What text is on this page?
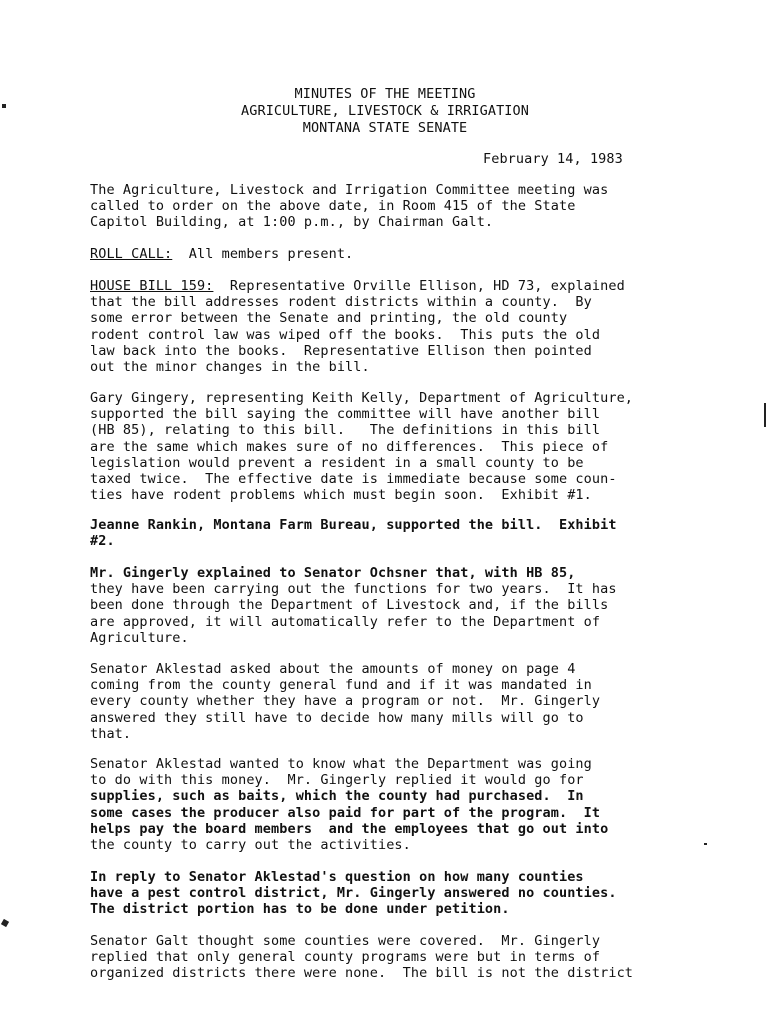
MINUTES OF THE MEETING
AGRICULTURE, LIVESTOCK & IRRIGATION
MONTANA STATE SENATE
February 14, 1983
The Agriculture, Livestock and Irrigation Committee meeting was
called to order on the above date, in Room 415 of the State
Capitol Building, at 1:00 p.m., by Chairman Galt.
ROLL CALL:  All members present.
HOUSE BILL 159:  Representative Orville Ellison, HD 73, explained
that the bill addresses rodent districts within a county.  By
some error between the Senate and printing, the old county
rodent control law was wiped off the books.  This puts the old
law back into the books.  Representative Ellison then pointed
out the minor changes in the bill.
Gary Gingery, representing Keith Kelly, Department of Agriculture,
supported the bill saying the committee will have another bill
(HB 85), relating to this bill.   The definitions in this bill
are the same which makes sure of no differences.  This piece of
legislation would prevent a resident in a small county to be
taxed twice.  The effective date is immediate because some coun-
ties have rodent problems which must begin soon.  Exhibit #1.
Jeanne Rankin, Montana Farm Bureau, supported the bill.  Exhibit
#2.
Mr. Gingerly explained to Senator Ochsner that, with HB 85,
they have been carrying out the functions for two years.  It has
been done through the Department of Livestock and, if the bills
are approved, it will automatically refer to the Department of
Agriculture.
Senator Aklestad asked about the amounts of money on page 4
coming from the county general fund and if it was mandated in
every county whether they have a program or not.  Mr. Gingerly
answered they still have to decide how many mills will go to
that.
Senator Aklestad wanted to know what the Department was going
to do with this money.  Mr. Gingerly replied it would go for
supplies, such as baits, which the county had purchased.  In
some cases the producer also paid for part of the program.  It
helps pay the board members  and the employees that go out into
the county to carry out the activities.
In reply to Senator Aklestad's question on how many counties
have a pest control district, Mr. Gingerly answered no counties.
The district portion has to be done under petition.
Senator Galt thought some counties were covered.  Mr. Gingerly
replied that only general county programs were but in terms of
organized districts there were none.  The bill is not the district
